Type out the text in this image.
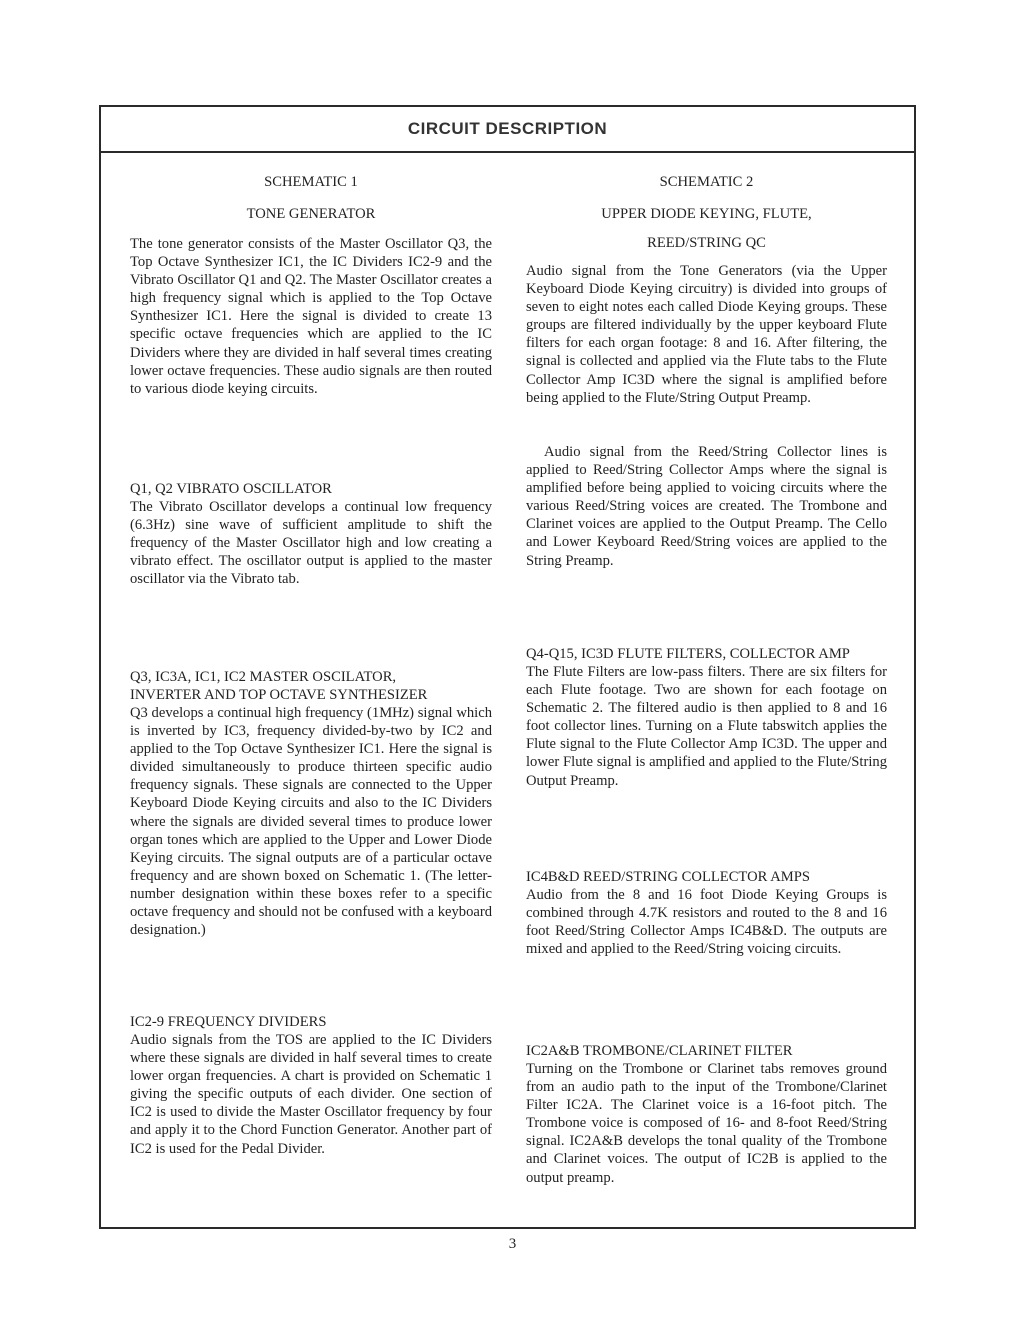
CIRCUIT DESCRIPTION
SCHEMATIC 1
TONE GENERATOR

The tone generator consists of the Master Oscillator Q3, the Top Octave Synthesizer IC1, the IC Dividers IC2-9 and the Vibrato Oscillator Q1 and Q2. The Master Oscillator creates a high frequency signal which is applied to the Top Octave Synthesizer IC1. Here the signal is divided to create 13 specific octave frequencies which are applied to the IC Dividers where they are divided in half several times creating lower octave frequencies. These audio signals are then routed to various diode keying circuits.

Q1, Q2 VIBRATO OSCILLATOR

The Vibrato Oscillator develops a continual low frequency (6.3Hz) sine wave of sufficient amplitude to shift the frequency of the Master Oscillator high and low creating a vibrato effect. The oscillator output is applied to the master oscillator via the Vibrato tab.

Q3, IC3A, IC1, IC2 MASTER OSCILATOR,
INVERTER AND TOP OCTAVE SYNTHESIZER

Q3 develops a continual high frequency (1MHz) signal which is inverted by IC3, frequency divided-by-two by IC2 and applied to the Top Octave Synthesizer IC1. Here the signal is divided simultaneously to produce thirteen specific audio frequency signals. These signals are connected to the Upper Keyboard Diode Keying circuits and also to the IC Dividers where the signals are divided several times to produce lower organ tones which are applied to the Upper and Lower Diode Keying circuits. The signal outputs are of a particular octave frequency and are shown boxed on Schematic 1. (The letter-number designation within these boxes refer to a specific octave frequency and should not be confused with a keyboard designation.)

IC2-9 FREQUENCY DIVIDERS

Audio signals from the TOS are applied to the IC Dividers where these signals are divided in half several times to create lower organ frequencies. A chart is provided on Schematic 1 giving the specific outputs of each divider. One section of IC2 is used to divide the Master Oscillator frequency by four and apply it to the Chord Function Generator. Another part of IC2 is used for the Pedal Divider.

SCHEMATIC 2
UPPER DIODE KEYING, FLUTE,
REED/STRING QC

Audio signal from the Tone Generators (via the Upper Keyboard Diode Keying circuitry) is divided into groups of seven to eight notes each called Diode Keying groups. These groups are filtered individually by the upper keyboard Flute filters for each organ footage: 8 and 16. After filtering, the signal is collected and applied via the Flute tabs to the Flute Collector Amp IC3D where the signal is amplified before being applied to the Flute/String Output Preamp.

Audio signal from the Reed/String Collector lines is applied to Reed/String Collector Amps where the signal is amplified before being applied to voicing circuits where the various Reed/String voices are created. The Trombone and Clarinet voices are applied to the Output Preamp. The Cello and Lower Keyboard Reed/String voices are applied to the String Preamp.

Q4-Q15, IC3D FLUTE FILTERS, COLLECTOR AMP

The Flute Filters are low-pass filters. There are six filters for each Flute footage. Two are shown for each footage on Schematic 2. The filtered audio is then applied to 8 and 16 foot collector lines. Turning on a Flute tabswitch applies the Flute signal to the Flute Collector Amp IC3D. The upper and lower Flute signal is amplified and applied to the Flute/String Output Preamp.

IC4B&D REED/STRING COLLECTOR AMPS

Audio from the 8 and 16 foot Diode Keying Groups is combined through 4.7K resistors and routed to the 8 and 16 foot Reed/String Collector Amps IC4B&D. The outputs are mixed and applied to the Reed/String voicing circuits.

IC2A&B TROMBONE/CLARINET FILTER

Turning on the Trombone or Clarinet tabs removes ground from an audio path to the input of the Trombone/Clarinet Filter IC2A. The Clarinet voice is a 16-foot pitch. The Trombone voice is composed of 16- and 8-foot Reed/String signal. IC2A&B develops the tonal quality of the Trombone and Clarinet voices. The output of IC2B is applied to the output preamp.

3
